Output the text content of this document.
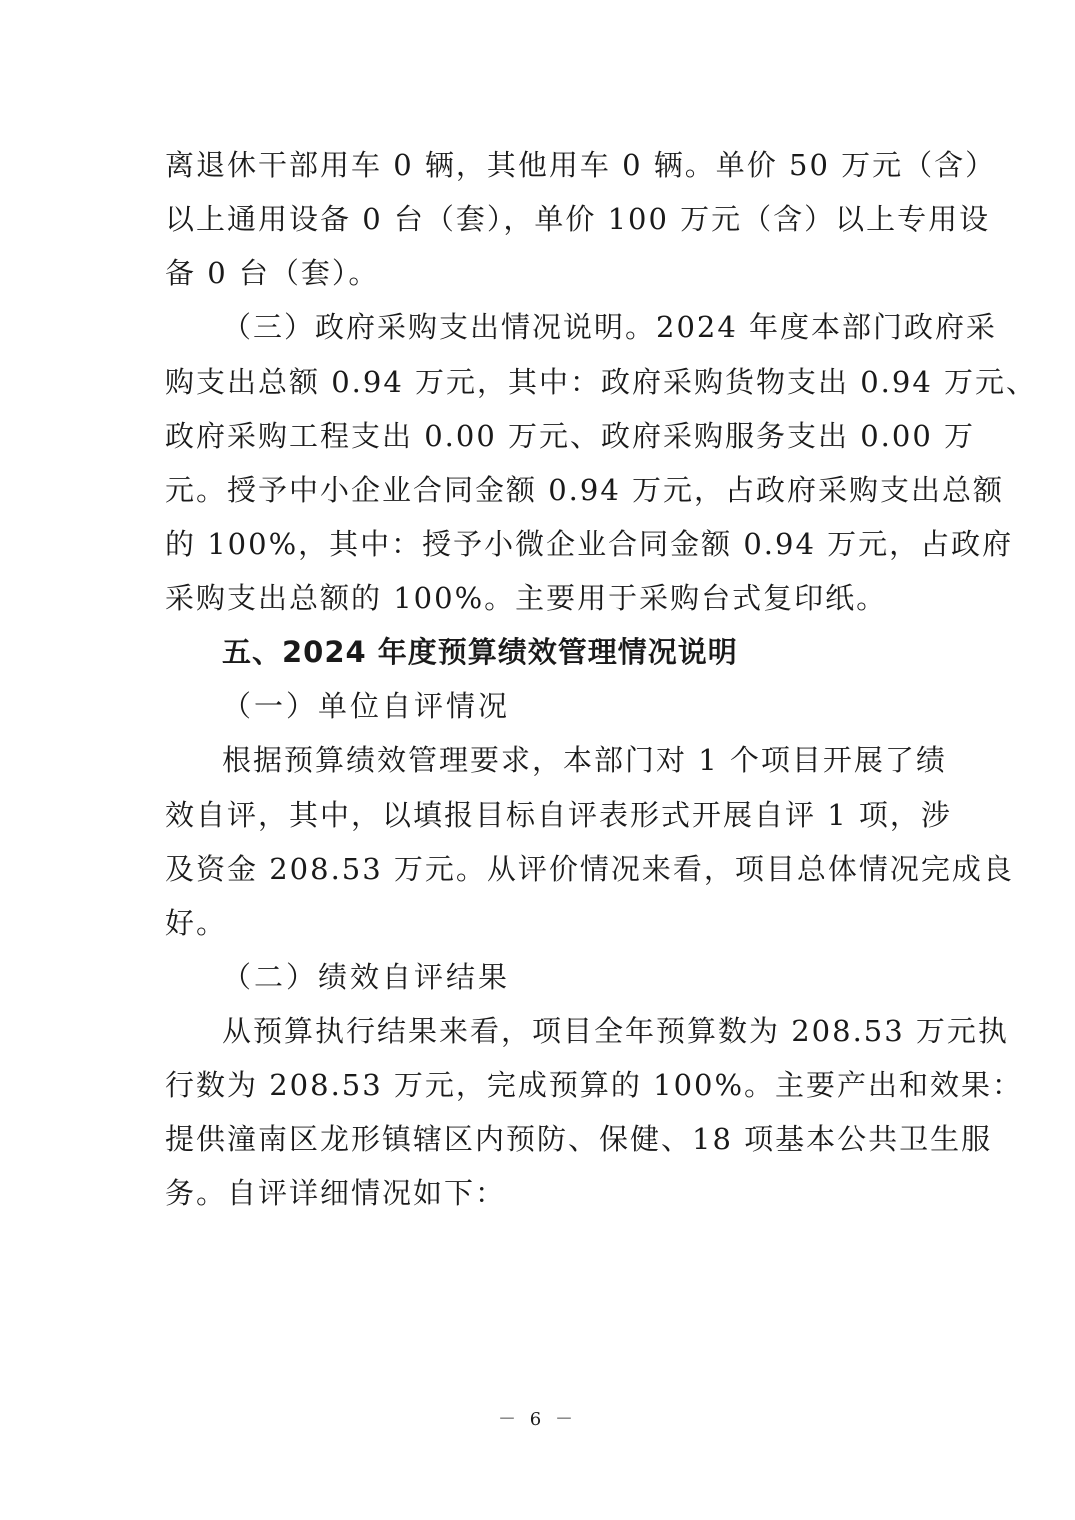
离退休干部用车 0 辆，其他用车 0 辆。单价 50 万元（含）
以上通用设备 0 台（套），单价 100 万元（含）以上专用设
备 0 台（套）。
（三）政府采购支出情况说明。2024 年度本部门政府采
购支出总额 0.94 万元，其中：政府采购货物支出 0.94 万元、
政府采购工程支出 0.00 万元、政府采购服务支出 0.00 万
元。授予中小企业合同金额 0.94 万元，占政府采购支出总额
的 100%，其中：授予小微企业合同金额 0.94 万元，占政府
采购支出总额的 100%。主要用于采购台式复印纸。
五、2024 年度预算绩效管理情况说明
（一）单位自评情况
根据预算绩效管理要求，本部门对 1 个项目开展了绩
效自评，其中，以填报目标自评表形式开展自评 1 项，涉
及资金 208.53 万元。从评价情况来看，项目总体情况完成良
好。
（二）绩效自评结果
从预算执行结果来看，项目全年预算数为 208.53 万元执
行数为 208.53 万元，完成预算的 100%。主要产出和效果：
提供潼南区龙形镇辖区内预防、保健、18 项基本公共卫生服
务。自评详细情况如下：
－ 6 －
